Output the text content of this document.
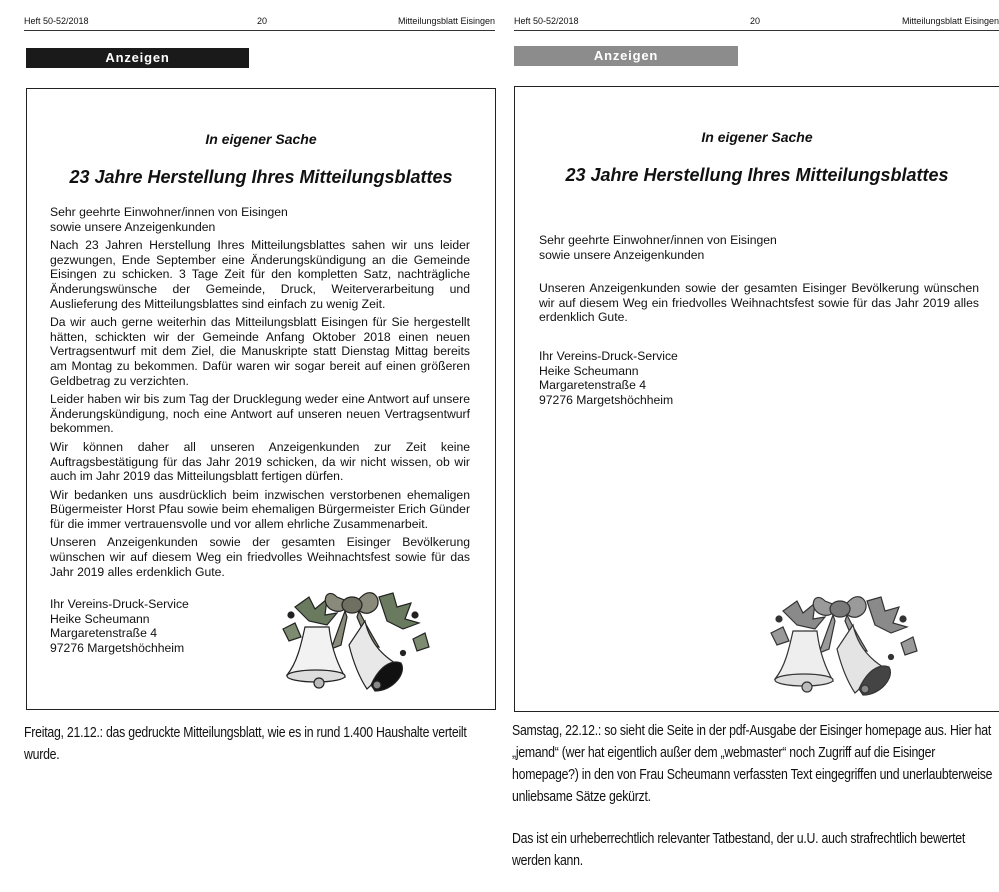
Heft 50-52/2018	20	Mitteilungsblatt Eisingen
Anzeigen
In eigener Sache
23 Jahre Herstellung Ihres Mitteilungsblattes

Sehr geehrte Einwohner/innen von Eisingen
sowie unsere Anzeigenkunden

Nach 23 Jahren Herstellung Ihres Mitteilungsblattes sahen wir uns leider gezwungen, Ende September eine Änderungskündigung an die Gemeinde Eisingen zu schicken. 3 Tage Zeit für den kompletten Satz, nachträgliche Änderungswünsche der Gemeinde, Druck, Weiterverarbeitung und Auslieferung des Mitteilungsblattes sind einfach zu wenig Zeit.

Da wir auch gerne weiterhin das Mitteilungsblatt Eisingen für Sie hergestellt hätten, schickten wir der Gemeinde Anfang Oktober 2018 einen neuen Vertragsentwurf mit dem Ziel, die Manuskripte statt Dienstag Mittag bereits am Montag zu bekommen. Dafür waren wir sogar bereit auf einen größeren Geldbetrag zu verzichten.

Leider haben wir bis zum Tag der Drucklegung weder eine Antwort auf unsere Änderungskündigung, noch eine Antwort auf unseren neuen Vertragsentwurf bekommen.

Wir können daher all unseren Anzeigenkunden zur Zeit keine Auftragsbestätigung für das Jahr 2019 schicken, da wir nicht wissen, ob wir auch im Jahr 2019 das Mitteilungsblatt fertigen dürfen.

Wir bedanken uns ausdrücklich beim inzwischen verstorbenen ehemaligen Bügermeister Horst Pfau sowie beim ehemaligen Bürgermeister Erich Günder für die immer vertrauensvolle und vor allem ehrliche Zusammenarbeit.

Unseren Anzeigenkunden sowie der gesamten Eisinger Bevölkerung wünschen wir auf diesem Weg ein friedvolles Weihnachtsfest sowie für das Jahr 2019 alles erdenklich Gute.

Ihr Vereins-Druck-Service
Heike Scheumann
Margaretenstraße 4
97276 Margetshöchheim
Heft 50-52/2018	20	Mitteilungsblatt Eisingen
Anzeigen
In eigener Sache
23 Jahre Herstellung Ihres Mitteilungsblattes

Sehr geehrte Einwohner/innen von Eisingen
sowie unsere Anzeigenkunden

Unseren Anzeigenkunden sowie der gesamten Eisinger Bevölkerung wünschen wir auf diesem Weg ein friedvolles Weihnachtsfest sowie für das Jahr 2019 alles erdenklich Gute.

Ihr Vereins-Druck-Service
Heike Scheumann
Margaretenstraße 4
97276 Margetshöchheim

Freitag, 21.12.: das gedruckte Mitteilungsblatt, wie es in rund 1.400 Haushalte verteilt wurde.

Samstag, 22.12.: so sieht die Seite in der pdf-Ausgabe der Eisinger homepage aus. Hier hat „jemand“ (wer hat eigentlich außer dem „webmaster“ noch Zugriff auf die Eisinger homepage?) in den von Frau Scheumann verfassten Text eingegriffen und unerlaubterweise unliebsame Sätze gekürzt.

Das ist ein urheberrechtlich relevanter Tatbestand, der u.U. auch strafrechtlich bewertet werden kann.
